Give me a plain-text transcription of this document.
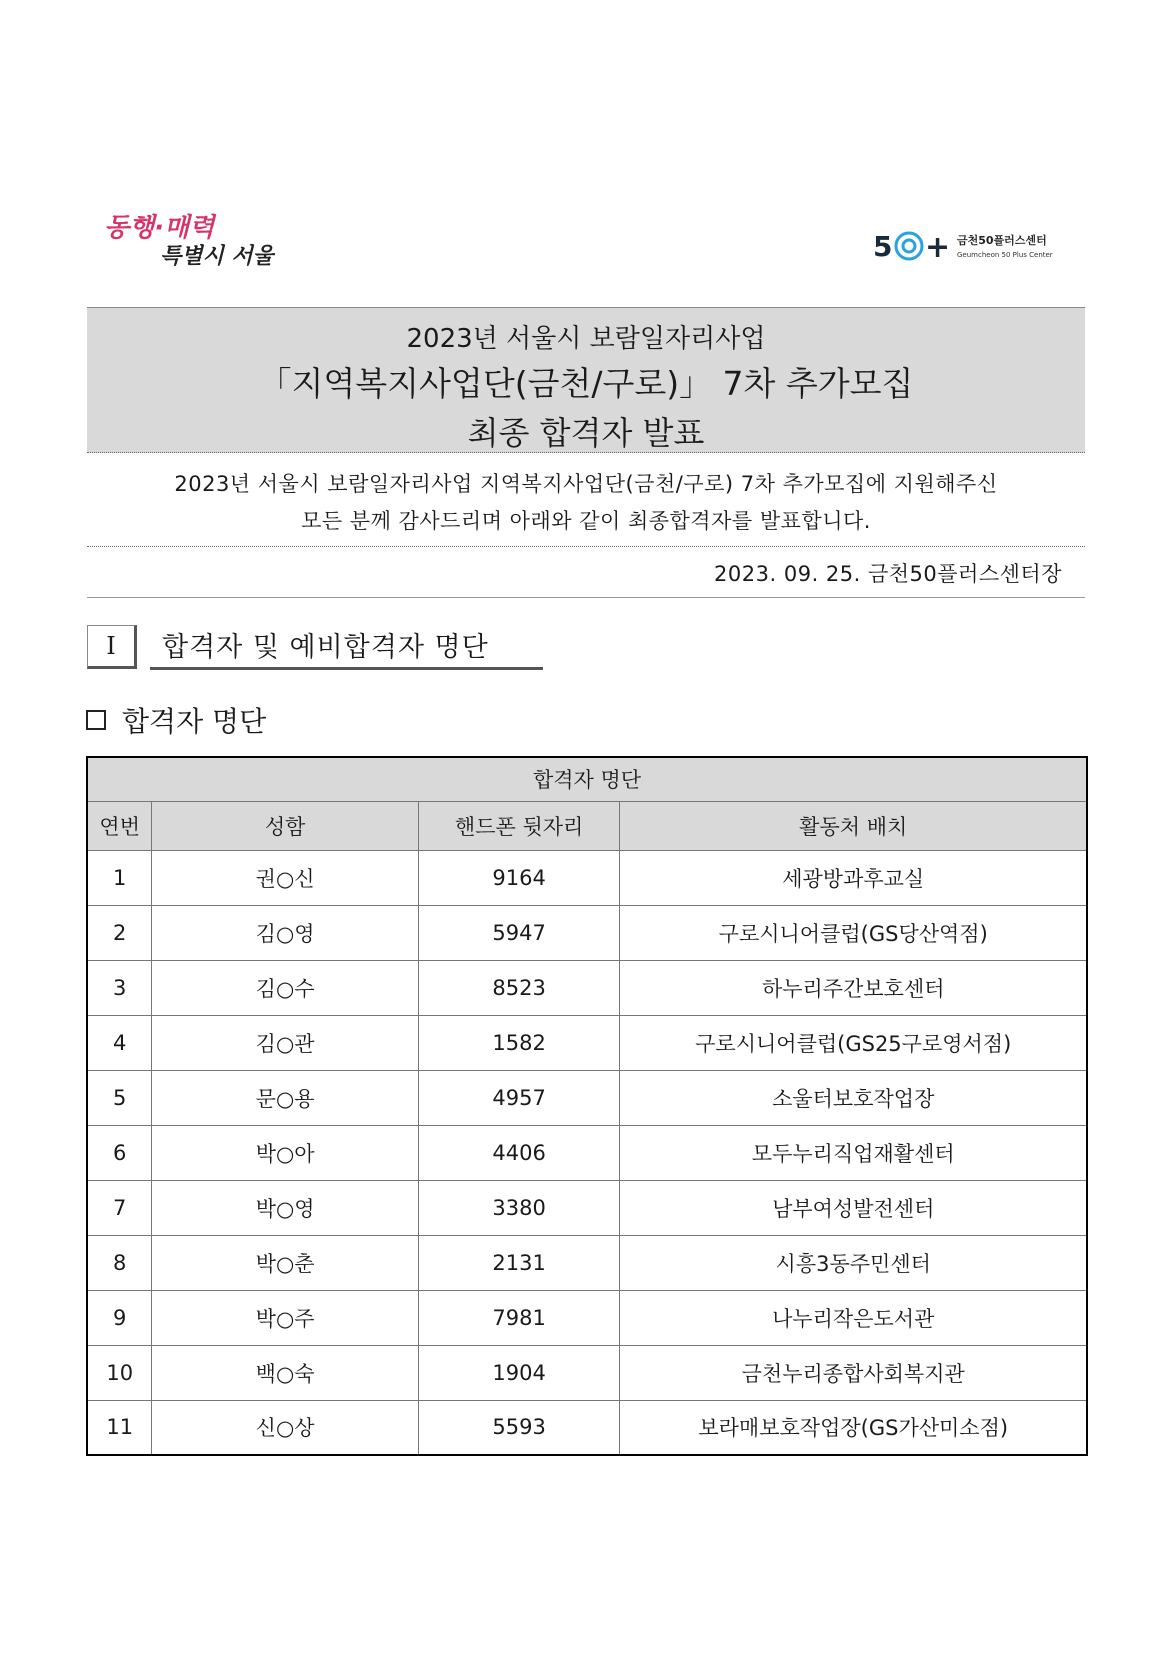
동행·매력
특별시 서울	5 + 금천50플러스센터
Geumcheon 50 Plus Center
2023년 서울시 보람일자리사업
「지역복지사업단(금천/구로)」 7차 추가모집
최종 합격자 발표
2023년 서울시 보람일자리사업 지역복지사업단(금천/구로) 7차 추가모집에 지원해주신
모든 분께 감사드리며 아래와 같이 최종합격자를 발표합니다.
2023. 09. 25. 금천50플러스센터장
I	합격자 및 예비합격자 명단
합격자 명단
합격자 명단			
연번	성함	핸드폰 뒷자리	활동처 배치
1	권○신	9164	세광방과후교실
2	김○영	5947	구로시니어클럽(GS당산역점)
3	김○수	8523	하누리주간보호센터
4	김○관	1582	구로시니어클럽(GS25구로영서점)
5	문○용	4957	소울터보호작업장
6	박○아	4406	모두누리직업재활센터
7	박○영	3380	남부여성발전센터
8	박○춘	2131	시흥3동주민센터
9	박○주	7981	나누리작은도서관
10	백○숙	1904	금천누리종합사회복지관
11	신○상	5593	보라매보호작업장(GS가산미소점)
